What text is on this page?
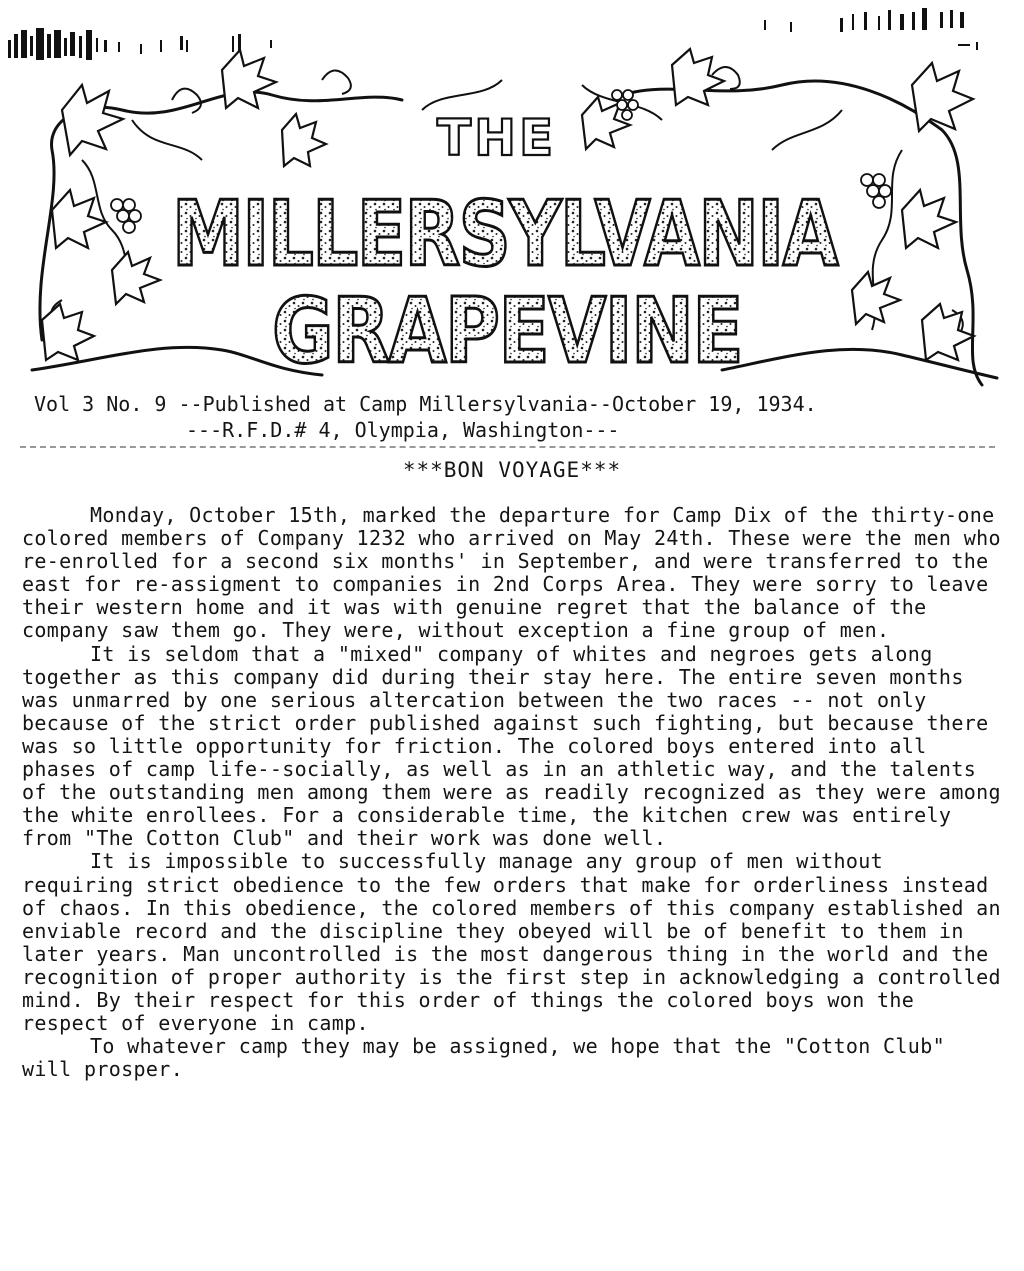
THE
MILLERSYLVANIA
GRAPEVINE
Vol 3 No. 9 --Published at Camp Millersylvania--October 19, 1934.
---R.F.D.# 4, Olympia, Washington---
***BON VOYAGE***

Monday, October 15th, marked the departure for Camp Dix of the thirty-one colored members of Company 1232 who arrived on May 24th. These were the men who re-enrolled for a second six months' in September, and were transferred to the east for re-assigment to companies in 2nd Corps Area. They were sorry to leave their western home and it was with genuine regret that the balance of the company saw them go. They were, without exception a fine group of men.

It is seldom that a "mixed" company of whites and negroes gets along together as this company did during their stay here. The entire seven months was unmarred by one serious altercation between the two races -- not only because of the strict order published against such fighting, but because there was so little opportunity for friction. The colored boys entered into all phases of camp life--socially, as well as in an athletic way, and the talents of the outstanding men among them were as readily recognized as they were among the white enrollees. For a considerable time, the kitchen crew was entirely from "The Cotton Club" and their work was done well.

It is impossible to successfully manage any group of men without requiring strict obedience to the few orders that make for orderliness instead of chaos. In this obedience, the colored members of this company established an enviable record and the discipline they obeyed will be of benefit to them in later years. Man uncontrolled is the most dangerous thing in the world and the recognition of proper authority is the first step in acknowledging a controlled mind. By their respect for this order of things the colored boys won the respect of everyone in camp.

To whatever camp they may be assigned, we hope that the "Cotton Club" will prosper.
